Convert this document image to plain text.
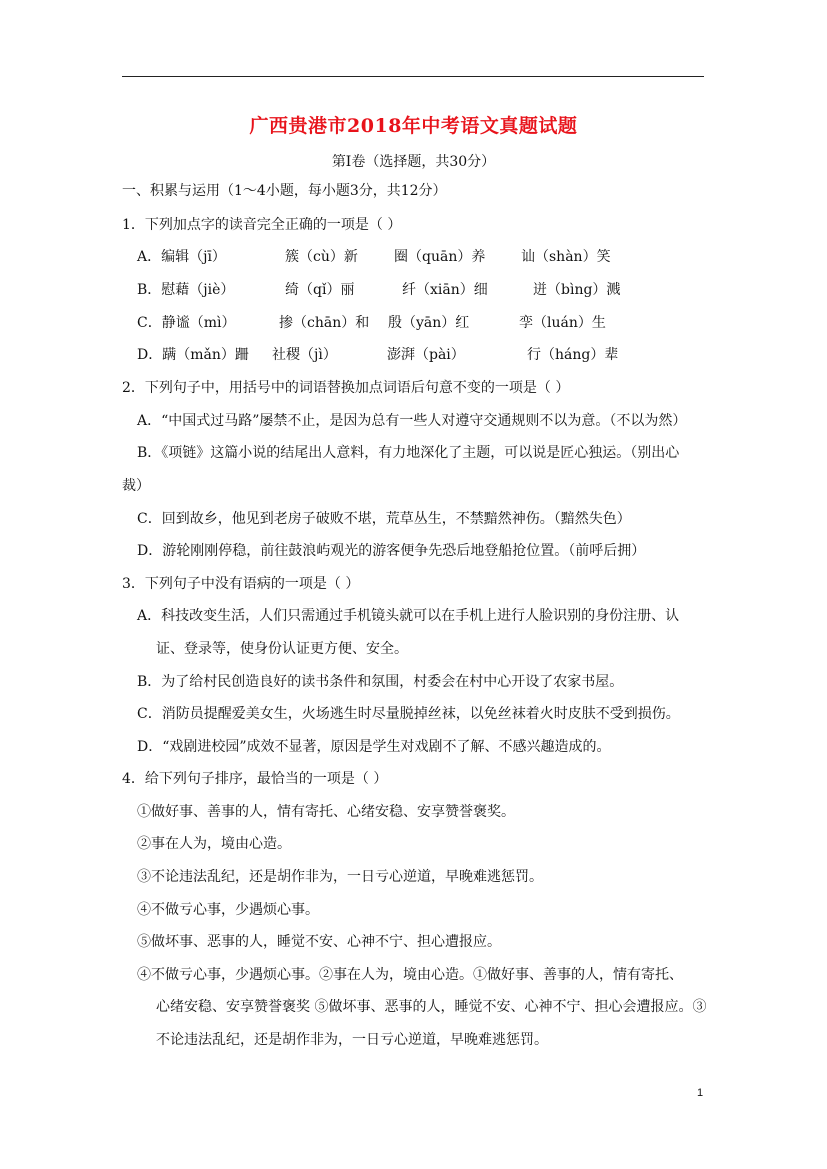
广西贵港市2018年中考语文真题试题
第Ⅰ卷（选择题，共30分）
一、积累与运用（1～4小题，每小题3分，共12分）
1．下列加点字的读音完全正确的一项是（ ）
A．编辑（jī）	簇（cù）新	圈（quān）养	讪（shàn）笑
B．慰藉（jiè）	绮（qǐ）丽	纤（xiān）细	迸（bìng）溅
C．静谧（mì）	掺（chān）和 殷（yān）红	孪（luán）生
D．蹒（mǎn）跚 社稷（jì）	澎湃（pài）	行（háng）辈
2．下列句子中，用括号中的词语替换加点词语后句意不变的一项是（ ）
A．“中国式过马路”屡禁不止，是因为总有一些人对遵守交通规则不以为意。（不以为然）
B．《项链》这篇小说的结尾出人意料，有力地深化了主题，可以说是匠心独运。（别出心
裁）
C．回到故乡，他见到老房子破败不堪，荒草丛生，不禁黯然神伤。（黯然失色）
D．游轮刚刚停稳，前往鼓浪屿观光的游客便争先恐后地登船抢位置。（前呼后拥）
3．下列句子中没有语病的一项是（ ）
A．科技改变生活，人们只需通过手机镜头就可以在手机上进行人脸识别的身份注册、认
证、登录等，使身份认证更方便、安全。
B．为了给村民创造良好的读书条件和氛围，村委会在村中心开设了农家书屋。
C．消防员提醒爱美女生，火场逃生时尽量脱掉丝袜，以免丝袜着火时皮肤不受到损伤。
D．“戏剧进校园”成效不显著，原因是学生对戏剧不了解、不感兴趣造成的。
4．给下列句子排序，最恰当的一项是（ ）
①做好事、善事的人，情有寄托、心绪安稳、安享赞誉褒奖。
②事在人为，境由心造。
③不论违法乱纪，还是胡作非为，一日亏心逆道，早晚难逃惩罚。
④不做亏心事，少遇烦心事。
⑤做坏事、恶事的人，睡觉不安、心神不宁、担心遭报应。
④不做亏心事，少遇烦心事。②事在人为，境由心造。①做好事、善事的人，情有寄托、
心绪安稳、安享赞誉褒奖 ⑤做坏事、恶事的人，睡觉不安、心神不宁、担心会遭报应。③
不论违法乱纪，还是胡作非为，一日亏心逆道，早晚难逃惩罚。
1
